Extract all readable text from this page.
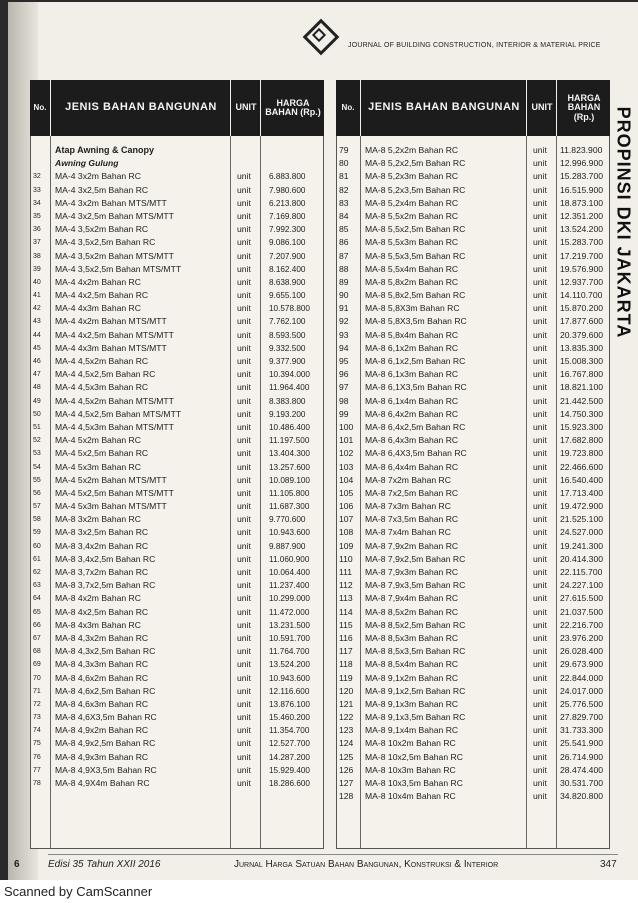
JOURNAL OF BUILDING CONSTRUCTION, INTERIOR & MATERIAL PRICE
PROPINSI DKI JAKARTA
No.	JENIS BAHAN BANGUNAN	UNIT	HARGA BAHAN (Rp.)
Atap Awning & Canopy
Awning Gulung
32 MA-4 3x2m Bahan RC	unit 6.883.800
33 MA-4 3x2,5m Bahan RC	unit 7.980.600
34 MA-4 3x2m Bahan MTS/MTT	unit 6.213.800
35 MA-4 3x2,5m Bahan MTS/MTT	unit 7.169.800
36 MA-4 3,5x2m Bahan RC	unit 7.992.300
37 MA-4 3,5x2,5m Bahan RC	unit 9.086.100
38 MA-4 3,5x2m Bahan MTS/MTT	unit 7.207.900
39 MA-4 3,5x2,5m Bahan MTS/MTT	unit 8.162.400
40 MA-4 4x2m Bahan RC	unit 8.638.900
41 MA-4 4x2,5m Bahan RC	unit 9.655.100
42 MA-4 4x3m Bahan RC	unit 10.578.800
43 MA-4 4x2m Bahan MTS/MTT	unit 7.762.100
44 MA-4 4x2,5m Bahan MTS/MTT	unit 8.593.500
45 MA-4 4x3m Bahan MTS/MTT	unit 9.332.500
46 MA-4 4,5x2m Bahan RC	unit 9.377.900
47 MA-4 4,5x2,5m Bahan RC	unit 10.394.000
48 MA-4 4,5x3m Bahan RC	unit 11.964.400
49 MA-4 4,5x2m Bahan MTS/MTT	unit 8.383.800
50 MA-4 4,5x2,5m Bahan MTS/MTT	unit 9.193.200
51 MA-4 4,5x3m Bahan MTS/MTT	unit 10.486.400
52 MA-4 5x2m Bahan RC	unit 11.197.500
53 MA-4 5x2,5m Bahan RC	unit 13.404.300
54 MA-4 5x3m Bahan RC	unit 13.257.600
55 MA-4 5x2m Bahan MTS/MTT	unit 10.089.100
56 MA-4 5x2,5m Bahan MTS/MTT	unit 11.105.800
57 MA-4 5x3m Bahan MTS/MTT	unit 11.687.300
58 MA-8 3x2m Bahan RC	unit 9.770.600
59 MA-8 3x2,5m Bahan RC	unit 10.943.600
60 MA-8 3,4x2m Bahan RC	unit 9.887.900
61 MA-8 3,4x2,5m Bahan RC	unit 11.060.900
62 MA-8 3,7x2m Bahan RC	unit 10.064.400
63 MA-8 3,7x2,5m Bahan RC	unit 11.237.400
64 MA-8 4x2m Bahan RC	unit 10.299.000
65 MA-8 4x2,5m Bahan RC	unit 11.472.000
66 MA-8 4x3m Bahan RC	unit 13.231.500
67 MA-8 4,3x2m Bahan RC	unit 10.591.700
68 MA-8 4,3x2,5m Bahan RC	unit 11.764.700
69 MA-8 4,3x3m Bahan RC	unit 13.524.200
70 MA-8 4,6x2m Bahan RC	unit 10.943.600
71 MA-8 4,6x2,5m Bahan RC	unit 12.116.600
72 MA-8 4,6x3m Bahan RC	unit 13.876.100
73 MA-8 4,6X3,5m Bahan RC	unit 15.460.200
74 MA-8 4,9x2m Bahan RC	unit 11.354.700
75 MA-8 4,9x2,5m Bahan RC	unit 12.527.700
76 MA-8 4,9x3m Bahan RC	unit 14.287.200
77 MA-8 4,9X3,5m Bahan RC	unit 15.929.400
78 MA-8 4,9X4m Bahan RC	unit 18.286.600
No.	JENIS BAHAN BANGUNAN	UNIT
HARGA BAHAN (Rp.)
79 MA-8 5,2x2m Bahan RC	unit 11.823.900
80 MA-8 5,2x2,5m Bahan RC	unit 12.996.900
81 MA-8 5,2x3m Bahan RC	unit 15.283.700
82 MA-8 5,2x3,5m Bahan RC	unit 16.515.900
83 MA-8 5,2x4m Bahan RC	unit 18.873.100
84 MA-8 5,5x2m Bahan RC	unit 12.351.200
85 MA-8 5,5x2,5m Bahan RC	unit 13.524.200
86 MA-8 5,5x3m Bahan RC	unit 15.283.700
87 MA-8 5,5x3,5m Bahan RC	unit 17.219.700
88 MA-8 5,5x4m Bahan RC	unit 19.576.900
89 MA-8 5,8x2m Bahan RC	unit 12.937.700
90 MA-8 5,8x2,5m Bahan RC	unit 14.110.700
91 MA-8 5,8X3m Bahan RC	unit 15.870.200
92 MA-8 5,8X3,5m Bahan RC	unit 17.877.600
93 MA-8 5,8x4m Bahan RC	unit 20.379.600
94 MA-8 6,1x2m Bahan RC	unit 13.835.300
95 MA-8 6,1x2,5m Bahan RC	unit 15.008.300
96 MA-8 6,1x3m Bahan RC	unit 16.767.800
97 MA-8 6,1X3,5m Bahan RC	unit 18.821.100
98 MA-8 6,1x4m Bahan RC	unit 21.442.500
99 MA-8 6,4x2m Bahan RC	unit 14.750.300
100 MA-8 6,4x2,5m Bahan RC	unit 15.923.300
101 MA-8 6,4x3m Bahan RC	unit 17.682.800
102 MA-8 6,4X3,5m Bahan RC	unit 19.723.800
103 MA-8 6,4x4m Bahan RC	unit 22.466.600
104 MA-8 7x2m Bahan RC	unit 16.540.400
105 MA-8 7x2,5m Bahan RC	unit 17.713.400
106 MA-8 7x3m Bahan RC	unit 19.472.900
107 MA-8 7x3,5m Bahan RC	unit 21.525.100
108 MA-8 7x4m Bahan RC	unit 24.527.000
109 MA-8 7,9x2m Bahan RC	unit 19.241.300
110 MA-8 7,9x2,5m Bahan RC	unit 20.414.300
111 MA-8 7,9x3m Bahan RC	unit 22.115.700
112 MA-8 7,9x3,5m Bahan RC	unit 24.227.100
113 MA-8 7,9x4m Bahan RC	unit 27.615.500
114 MA-8 8,5x2m Bahan RC	unit 21.037.500
115 MA-8 8,5x2,5m Bahan RC	unit 22.216.700
116 MA-8 8,5x3m Bahan RC	unit 23.976.200
117 MA-8 8,5x3,5m Bahan RC	unit 26.028.400
118 MA-8 8,5x4m Bahan RC	unit 29.673.900
119 MA-8 9,1x2m Bahan RC	unit 22.844.000
120 MA-8 9,1x2,5m Bahan RC	unit 24.017.000
121 MA-8 9,1x3m Bahan RC	unit 25.776.500
122 MA-8 9,1x3,5m Bahan RC	unit 27.829.700
123 MA-8 9,1x4m Bahan RC	unit 31.733.300
124 MA-8 10x2m Bahan RC	unit 25.541.900
125 MA-8 10x2,5m Bahan RC	unit 26.714.900
126 MA-8 10x3m Bahan RC	unit 28.474.400
127 MA-8 10x3,5m Bahan RC	unit 30.531.700
128 MA-8 10x4m Bahan RC	unit 34.820.800
6	Edisi 35 Tahun XXII 2016	Jurnal Harga Satuan Bahan Bangunan, Konstruksi & Interior	347
Scanned by CamScanner
